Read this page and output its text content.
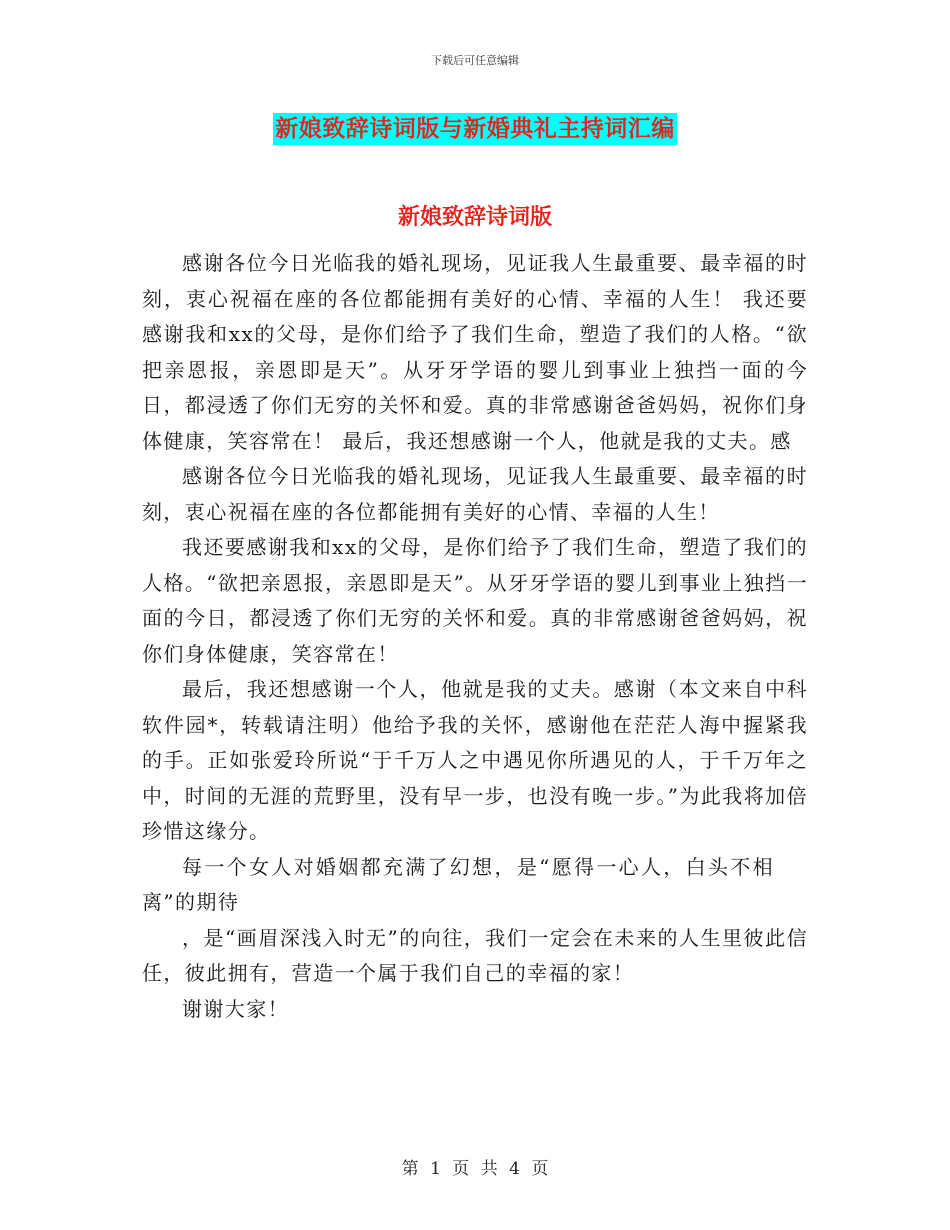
下载后可任意编辑
新娘致辞诗词版与新婚典礼主持词汇编
新娘致辞诗词版

感谢各位今日光临我的婚礼现场，见证我人生最重要、最幸福的时刻，衷心祝福在座的各位都能拥有美好的心情、幸福的人生！ 我还要感谢我和xx的父母，是你们给予了我们生命，塑造了我们的人格。“欲把亲恩报，亲恩即是天”。从牙牙学语的婴儿到事业上独挡一面的今日，都浸透了你们无穷的关怀和爱。真的非常感谢爸爸妈妈，祝你们身体健康，笑容常在！ 最后，我还想感谢一个人，他就是我的丈夫。感

感谢各位今日光临我的婚礼现场，见证我人生最重要、最幸福的时刻，衷心祝福在座的各位都能拥有美好的心情、幸福的人生！

我还要感谢我和xx的父母，是你们给予了我们生命，塑造了我们的人格。“欲把亲恩报，亲恩即是天”。从牙牙学语的婴儿到事业上独挡一面的今日，都浸透了你们无穷的关怀和爱。真的非常感谢爸爸妈妈，祝你们身体健康，笑容常在！

最后，我还想感谢一个人，他就是我的丈夫。感谢（本文来自中科软件园*，转载请注明）他给予我的关怀，感谢他在茫茫人海中握紧我的手。正如张爱玲所说“于千万人之中遇见你所遇见的人，于千万年之中，时间的无涯的荒野里，没有早一步，也没有晚一步。”为此我将加倍珍惜这缘分。

每一个女人对婚姻都充满了幻想，是“愿得一心人，白头不相离”的期待

，是“画眉深浅入时无”的向往，我们一定会在未来的人生里彼此信任，彼此拥有，营造一个属于我们自己的幸福的家！

谢谢大家！

第 1 页 共 4 页
